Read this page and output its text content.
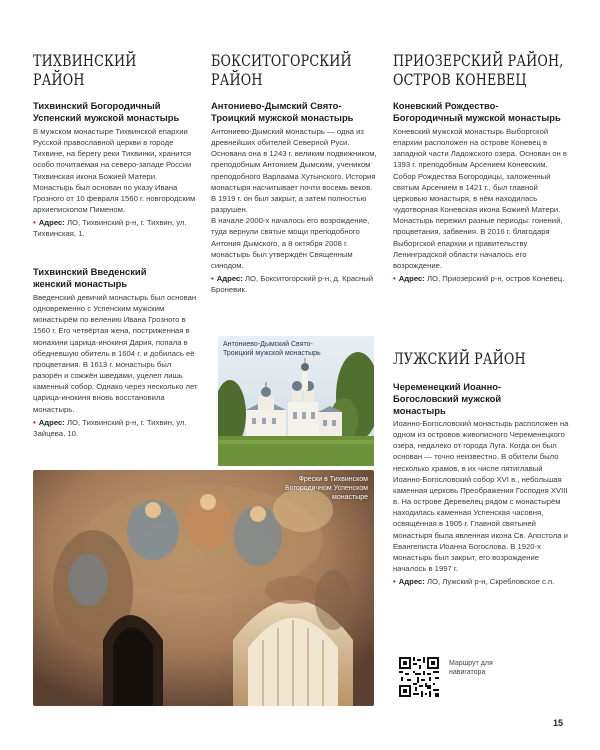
ТИХВИНСКИЙ
РАЙОН
Тихвинский Богородичный Успенский мужской монастырь

В мужском монастыре Тихвинской епархии Русской православной церкви в городе Тихвине, на берегу реки Тихвинки, хранится особо почитаемая на северо-западе России Тихвинская икона Божией Матери. Монастырь был основан по указу Ивана Грозного от 10 февраля 1560 г. новгородским архиепископом Пименом.

• Адрес: ЛО, Тихвинский р-н, г. Тихвин, ул. Тихвинская, 1.

Тихвинский Введенский женский монастырь

Введенский девичий монастырь был основан одновременно с Успенским мужским монастырём по велению Ивана Грозного в 1560 г. Его четвёртая жена, постриженная в монахини царица-инокиня Дария, попала в обедневшую обитель в 1604 г. и добилась её процветания. В 1613 г. монастырь был разорён и сожжён шведами, уцелел лишь каменный собор. Однако через несколько лет царица-инокиня вновь восстановила монастырь.

• Адрес: ЛО, Тихвинский р-н, г. Тихвин, ул. Зайцева, 10.

БОКСИТОГОРСКИЙ
РАЙОН
Антониево-Дымский Свято-Троицкий мужской монастырь

Антониево-Дымский монастырь — одна из древнейших обителей Северной Руси. Основана она в 1243 г. великим подвижником, преподобным Антонием Дымским, учеником преподобного Варлаама Хутынского. История монастыря насчитывает почти восемь веков. В 1919 г. он был закрыт, а затем полностью разрушен.

В начале 2000-х началось его возрождение, туда вернули святые мощи преподобного Антония Дымского, а 8 октября 2008 г. монастырь был утверждён Священным синодом.

• Адрес: ЛО, Бокситогорский р-н, д. Красный Броневик.

Антониево-Дымский Свято-Троицкий мужской монастырь
ПРИОЗЕРСКИЙ РАЙОН,
ОСТРОВ КОНЕВЕЦ
Коневский Рождество-Богородичный мужской монастырь

Коневский мужской монастырь Выборгской епархии расположен на острове Коневец в западной части Ладожского озера. Основан он в 1393 г. преподобным Арсением Коневским. Собор Рождества Богородицы, заложенный святым Арсением в 1421 г., был главной церковью монастыря, в нём находилась чудотворная Коневская икона Божией Матери. Монастырь пережил разные периоды: гонений, процветания, забвения. В 2016 г. благодаря Выборгской епархии и правительству Ленинградской области началось его возрождение.

• Адрес: ЛО, Приозерский р-н, остров Коневец.

ЛУЖСКИЙ РАЙОН
Череменецкий Иоанно-Богословский мужской монастырь

Иоанно-Богословский монастырь расположен на одном из островов живописного Череменецкого озера, недалеко от города Луга. Когда он был основан — точно неизвестно. В обители было несколько храмов, в их числе пятиглавый Иоанно-Богословский собор XVI в., небольшая каменная церковь Преображения Господня XVIII в. На острове Деревелец рядом с монастырём находилась каменная Успенская часовня, освящённая в 1905 г. Главной святыней монастыря была явленная икона Св. Апостола и Евангелиста Иоанна Богослова. В 1920-х монастырь был закрыт, его возрождение началось в 1997 г.

• Адрес: ЛО, Лужский р-н, Скребловское с.п.

Фрески в Тихвинском Богородичном Успенском монастыре
Маршрут для навигатора
15
